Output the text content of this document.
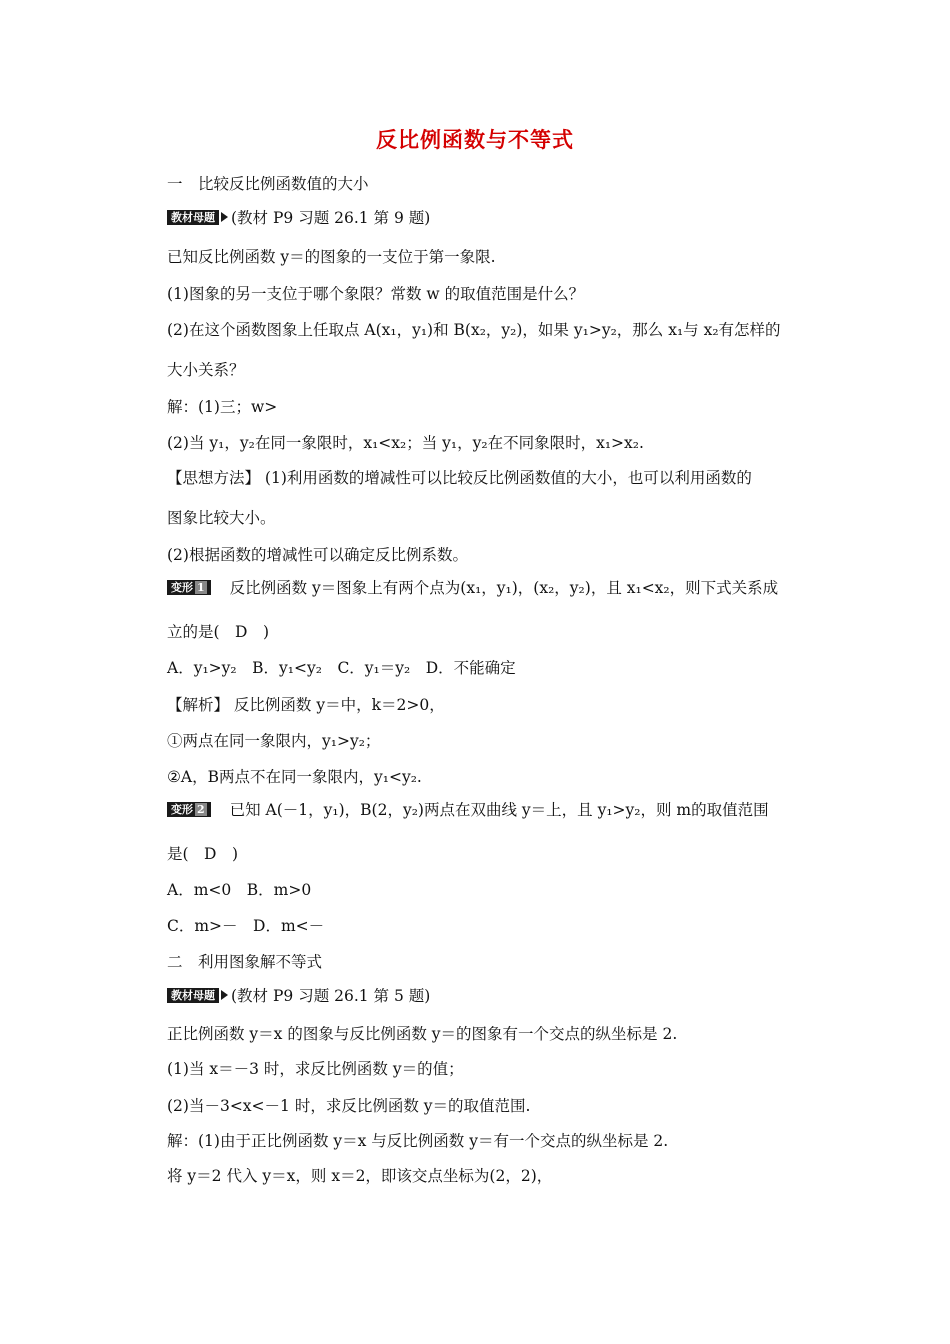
反比例函数与不等式
一　比较反比例函数值的大小
教材母题 (教材 P9 习题 26.1 第 9 题)
已知反比例函数 y＝的图象的一支位于第一象限.
(1)图象的另一支位于哪个象限？常数 w 的取值范围是什么？
(2)在这个函数图象上任取点 A(x₁，y₁)和 B(x₂，y₂)，如果 y₁>y₂，那么 x₁与 x₂有怎样的
大小关系？
解：(1)三；w>
(2)当 y₁，y₂在同一象限时，x₁<x₂；当 y₁，y₂在不同象限时，x₁>x₂.
【思想方法】 (1)利用函数的增减性可以比较反比例函数值的大小，也可以利用函数的
图象比较大小。
(2)根据函数的增减性可以确定反比例系数。
变形 1 反比例函数 y＝图象上有两个点为(x₁，y₁)，(x₂，y₂)，且 x₁<x₂，则下式关系成
立的是(　D　)
A．y₁>y₂　B．y₁<y₂　C．y₁＝y₂　D．不能确定
【解析】 反比例函数 y＝中，k＝2>0，
①两点在同一象限内，y₁>y₂；
②A，B两点不在同一象限内，y₁<y₂.
变形 2 已知 A(－1，y₁)，B(2，y₂)两点在双曲线 y＝上，且 y₁>y₂，则 m的取值范围
是(　D　)
A．m<0　B．m>0
C．m>－　D．m<－
二　利用图象解不等式
教材母题 (教材 P9 习题 26.1 第 5 题)
正比例函数 y＝x 的图象与反比例函数 y＝的图象有一个交点的纵坐标是 2.
(1)当 x＝－3 时，求反比例函数 y＝的值；
(2)当－3<x<－1 时，求反比例函数 y＝的取值范围.
解：(1)由于正比例函数 y＝x 与反比例函数 y＝有一个交点的纵坐标是 2.
将 y＝2 代入 y＝x，则 x＝2，即该交点坐标为(2，2)，
